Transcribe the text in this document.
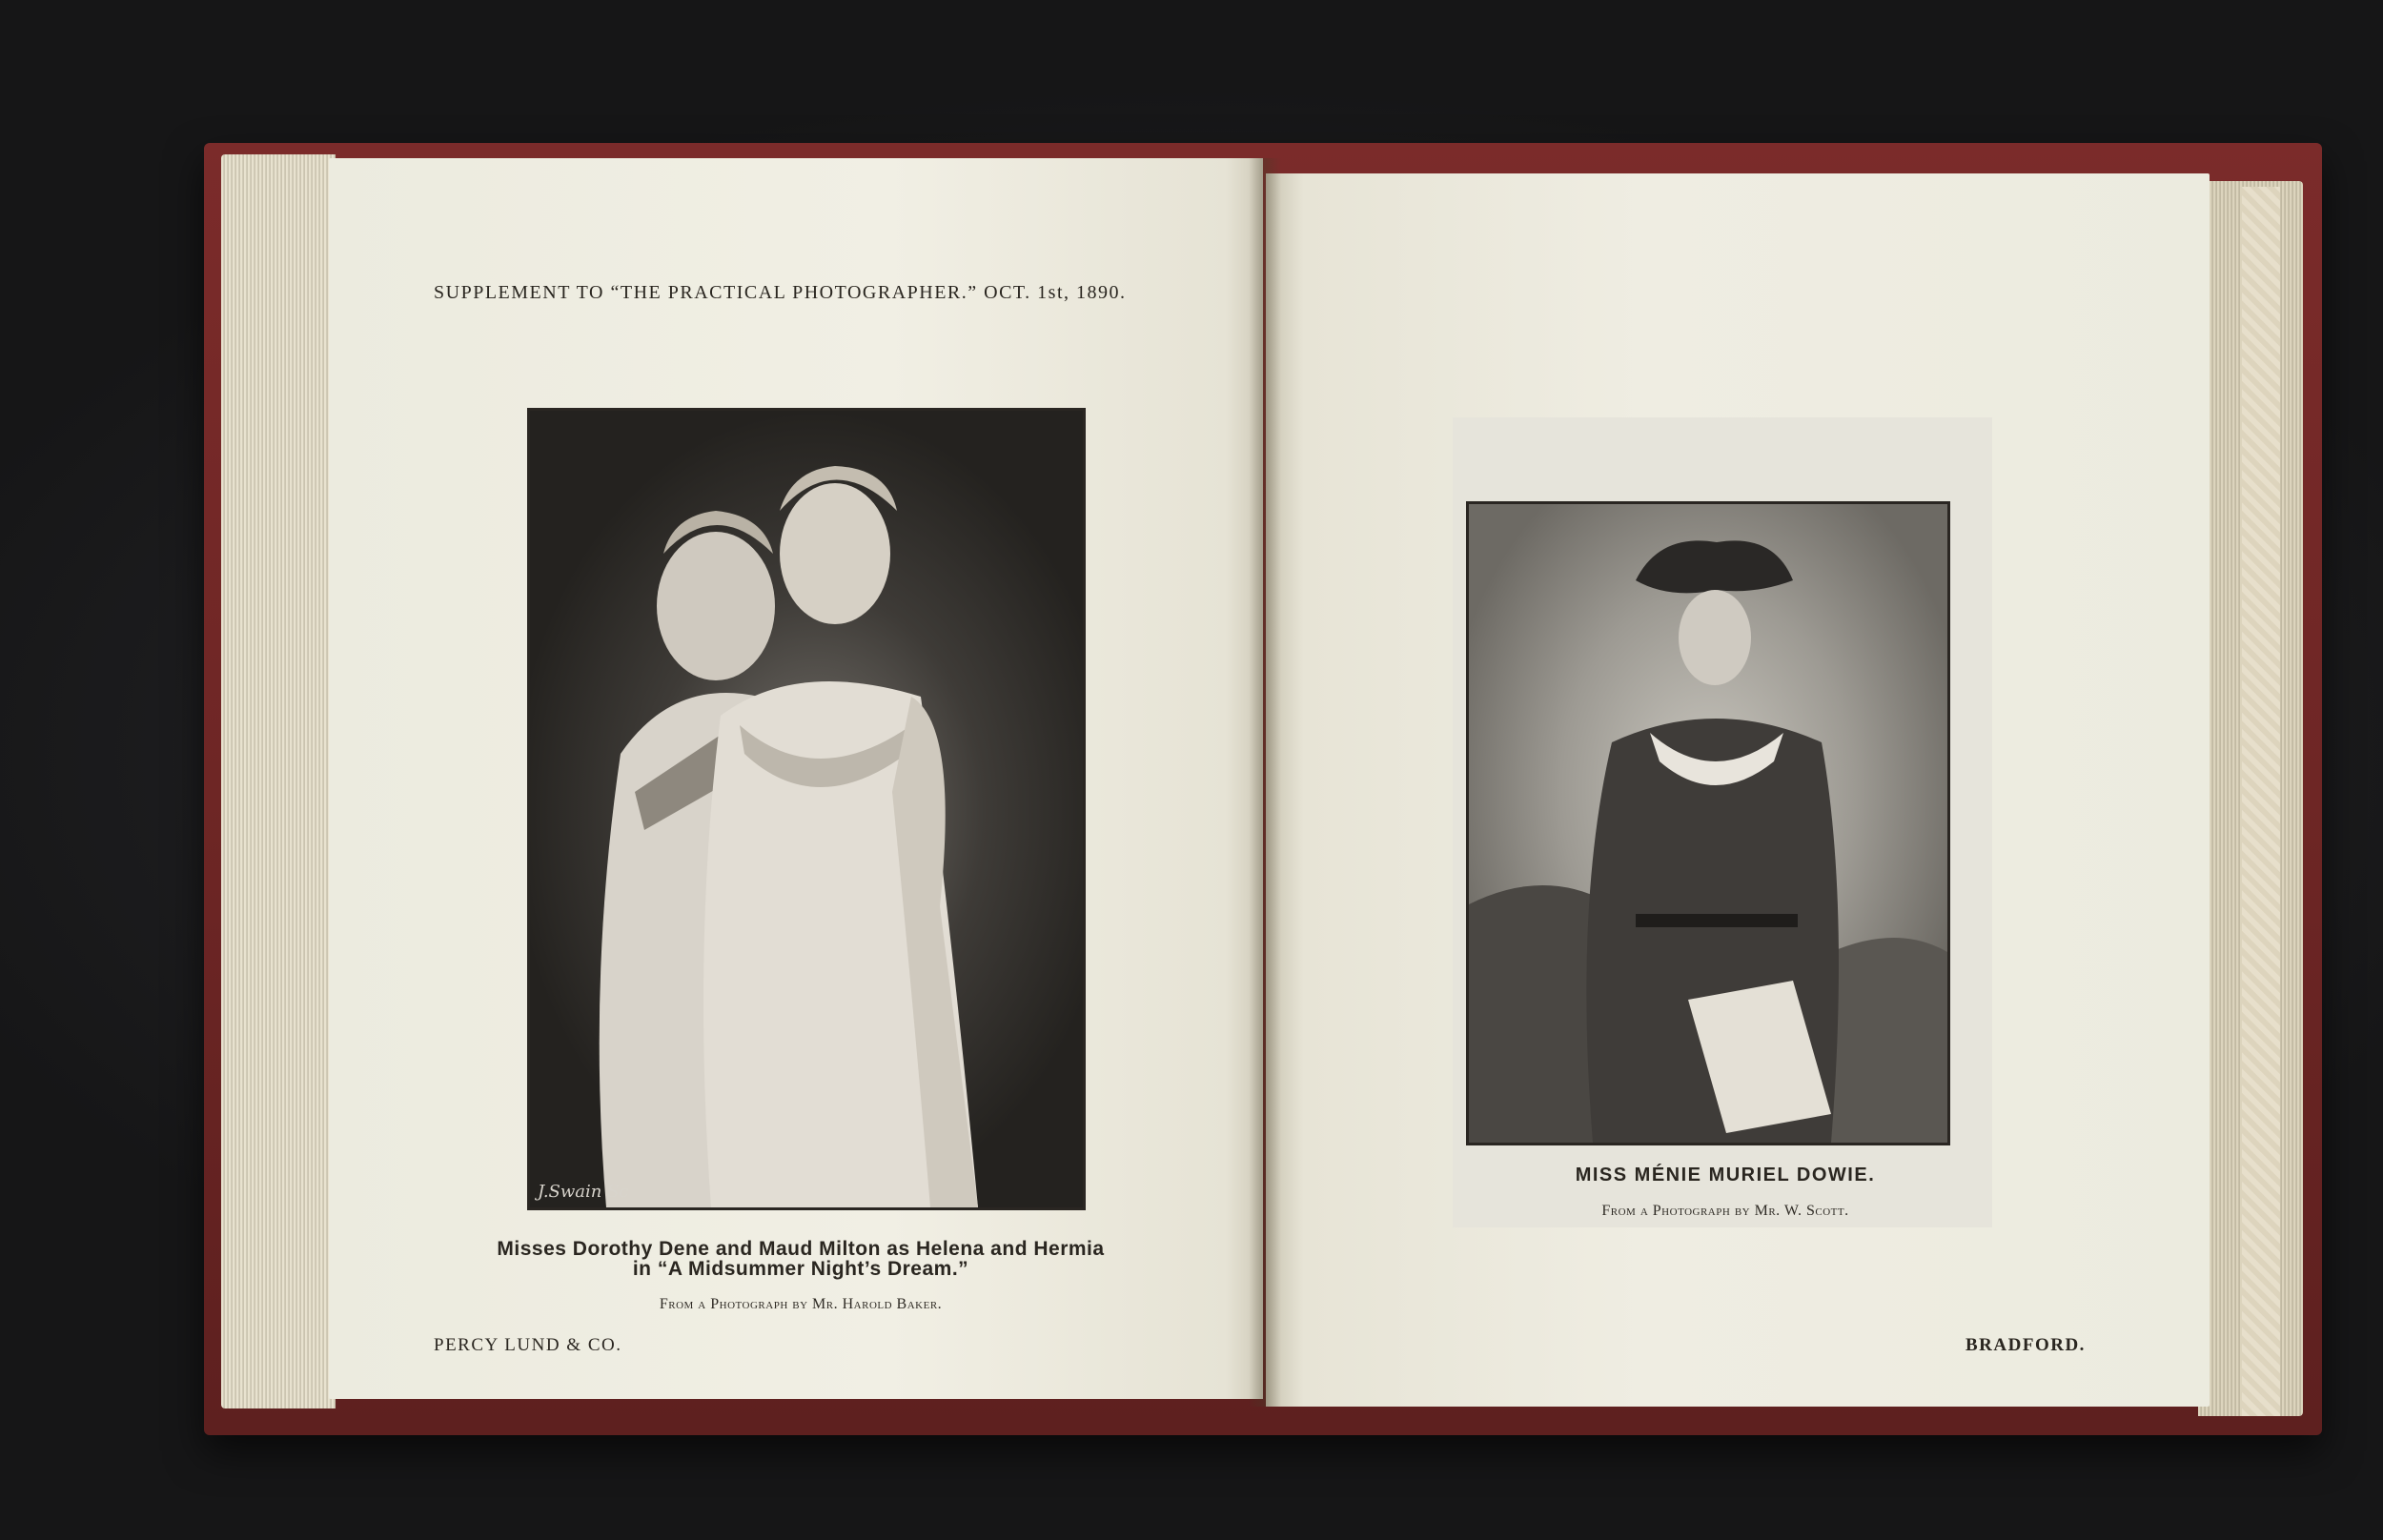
SUPPLEMENT TO “THE PRACTICAL PHOTOGRAPHER.” OCT. 1st, 1890.
J.Swain Sc
Misses Dorothy Dene and Maud Milton as Helena and Hermia
in “A Midsummer Night’s Dream.”
From a Photograph by Mr. Harold Baker.
PERCY LUND & CO.
MISS MÉNIE MURIEL DOWIE.
From a Photograph by Mr. W. Scott.
BRADFORD.
